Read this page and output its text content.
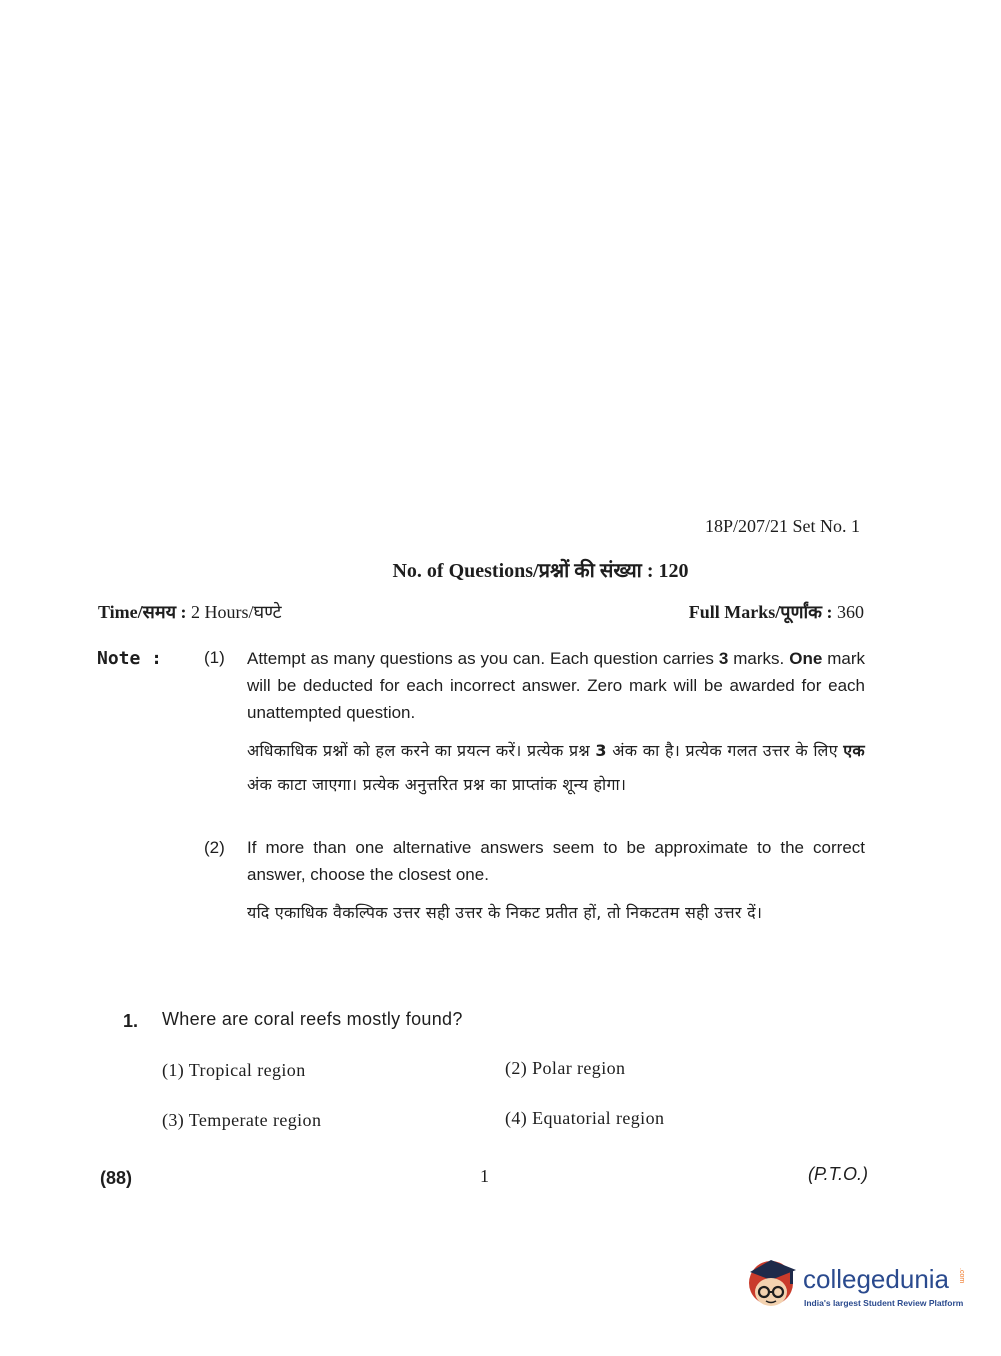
18P/207/21 Set No. 1
No. of Questions/प्रश्नों की संख्या : 120
Time/समय : 2 Hours/घण्टे	Full Marks/पूर्णांक : 360
Note : (1) Attempt as many questions as you can. Each question carries 3 marks. One mark will be deducted for each incorrect answer. Zero mark will be awarded for each unattempted question.
अधिकाधिक प्रश्नों को हल करने का प्रयत्न करें। प्रत्येक प्रश्न 3 अंक का है। प्रत्येक गलत उत्तर के लिए एक अंक काटा जाएगा। प्रत्येक अनुत्तरित प्रश्न का प्राप्तांक शून्य होगा।
(2) If more than one alternative answers seem to be approximate to the correct answer, choose the closest one.
यदि एकाधिक वैकल्पिक उत्तर सही उत्तर के निकट प्रतीत हों, तो निकटतम सही उत्तर दें।
1. Where are coral reefs mostly found?
(1) Tropical region	(2) Polar region
(3) Temperate region	(4) Equatorial region
(88)	1	(P.T.O.)
collegedunia .com
India's largest Student Review Platform
